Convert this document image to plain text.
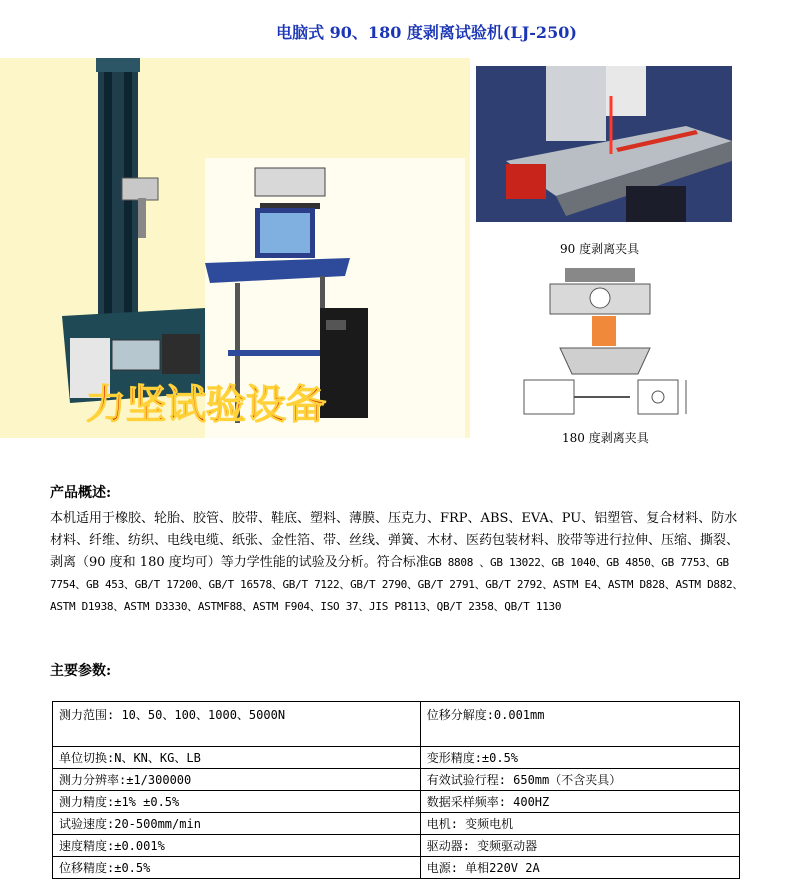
电脑式 90、180 度剥离试验机(LJ-250)
力坚试验设备
90 度剥离夹具
180 度剥离夹具
产品概述:
本机适用于橡胶、轮胎、胶管、胶带、鞋底、塑料、薄膜、压克力、FRP、ABS、EVA、PU、铝塑管、复合材料、防水材料、纤维、纺织、电线电缆、纸张、金性箔、带、丝线、弹簧、木材、医药包装材料、胶带等进行拉伸、压缩、撕裂、剥离（90 度和 180 度均可）等力学性能的试验及分析。符合标准GB 8808 、GB 13022、GB 1040、GB 4850、GB 7753、GB 7754、GB 453、GB/T 17200、GB/T 16578、GB/T 7122、GB/T 2790、GB/T 2791、GB/T 2792、ASTM E4、ASTM D828、ASTM D882、ASTM D1938、ASTM D3330、ASTMF88、ASTM F904、ISO 37、JIS P8113、QB/T 2358、QB/T 1130
主要参数:
测力范围: 10、50、100、1000、5000N	位移分解度:0.001mm
单位切换:N、KN、KG、LB	变形精度:±0.5%
测力分辨率:±1/300000	有效试验行程: 650mm（不含夹具）
测力精度:±1% ±0.5%	数据采样频率: 400HZ
试验速度:20-500mm/min	电机: 变频电机
速度精度:±0.001%	驱动器: 变频驱动器
位移精度:±0.5%	电源: 单相220V 2A
